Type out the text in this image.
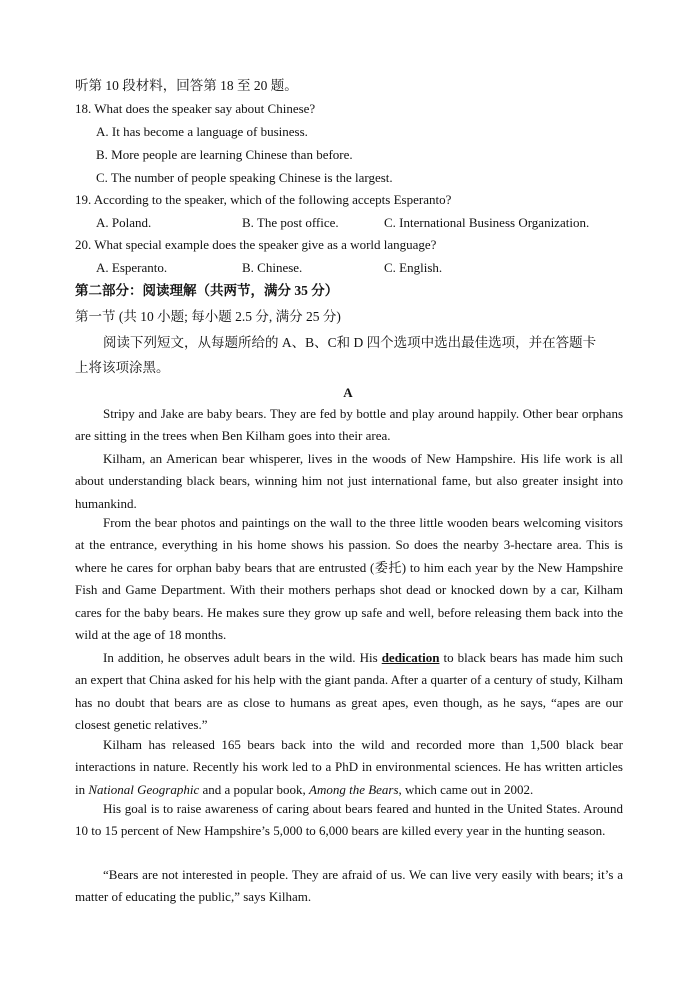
听第 10 段材料，回答第 18 至 20 题。
18. What does the speaker say about Chinese?
A. It has become a language of business.
B. More people are learning Chinese than before.
C. The number of people speaking Chinese is the largest.
19. According to the speaker, which of the following accepts Esperanto?
A. Poland.	B. The post office.	C. International Business Organization.
20. What special example does the speaker give as a world language?
A. Esperanto.	B. Chinese.	C. English.
第二部分：阅读理解（共两节，满分 35 分）
第一节 (共 10 小题; 每小题 2.5 分, 满分 25 分)
阅读下列短文，从每题所给的 A、B、C和 D 四个选项中选出最佳选项，并在答题卡
上将该项涂黑。
A

Stripy and Jake are baby bears. They are fed by bottle and play around happily. Other bear orphans are sitting in the trees when Ben Kilham goes into their area.

Kilham, an American bear whisperer, lives in the woods of New Hampshire. His life work is all about understanding black bears, winning him not just international fame, but also greater insight into humankind.

From the bear photos and paintings on the wall to the three little wooden bears welcoming visitors at the entrance, everything in his home shows his passion. So does the nearby 3-hectare area. This is where he cares for orphan baby bears that are entrusted (委托) to him each year by the New Hampshire Fish and Game Department. With their mothers perhaps shot dead or knocked down by a car, Kilham cares for the baby bears. He makes sure they grow up safe and well, before releasing them back into the wild at the age of 18 months.

In addition, he observes adult bears in the wild. His dedication to black bears has made him such an expert that China asked for his help with the giant panda. After a quarter of a century of study, Kilham has no doubt that bears are as close to humans as great apes, even though, as he says, “apes are our closest genetic relatives.”

Kilham has released 165 bears back into the wild and recorded more than 1,500 black bear interactions in nature. Recently his work led to a PhD in environmental sciences. He has written articles in National Geographic and a popular book, Among the Bears, which came out in 2002.

His goal is to raise awareness of caring about bears feared and hunted in the United States. Around 10 to 15 percent of New Hampshire’s 5,000 to 6,000 bears are killed every year in the hunting season.

“Bears are not interested in people. They are afraid of us. We can live very easily with bears; it’s a matter of educating the public,” says Kilham.
